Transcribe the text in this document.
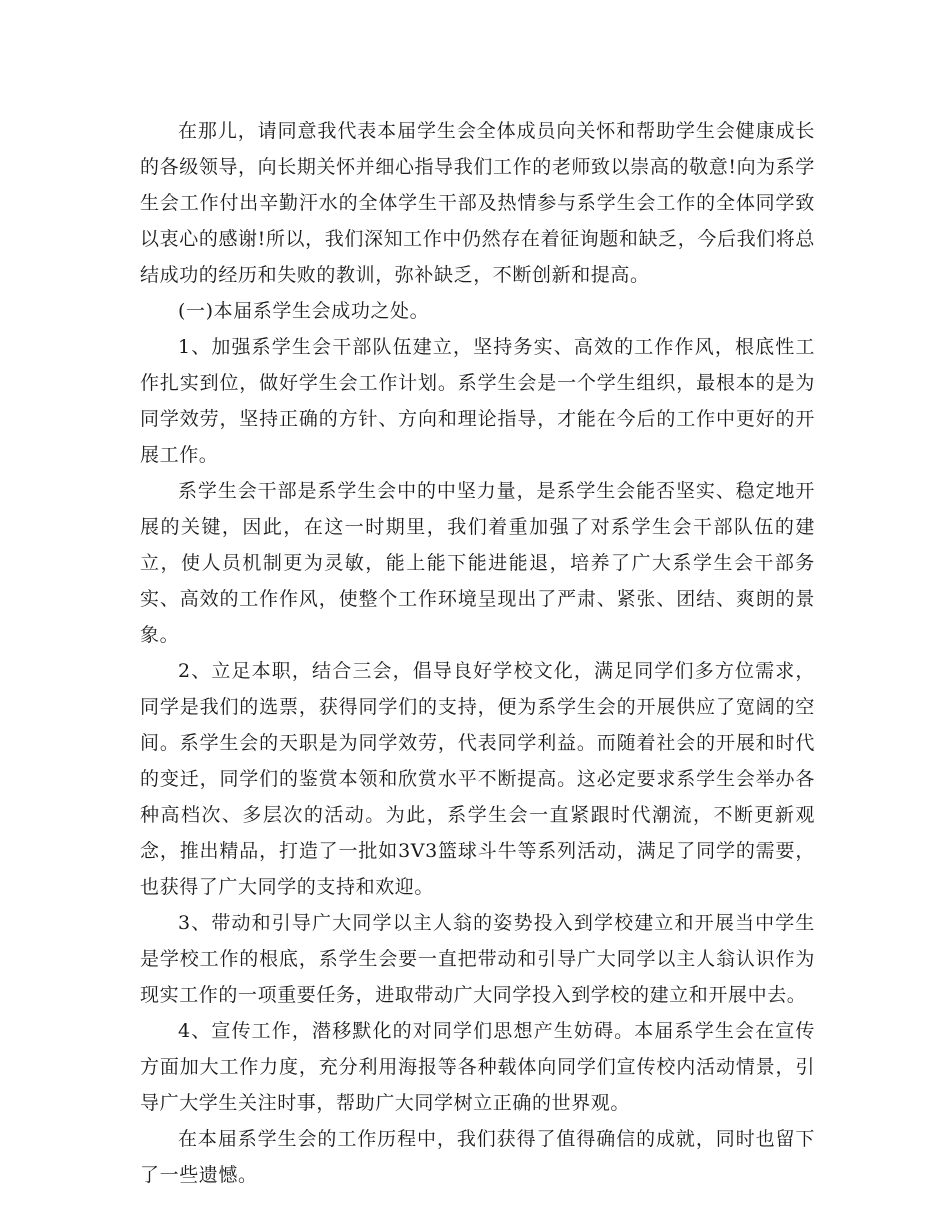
在那儿，请同意我代表本届学生会全体成员向关怀和帮助学生会健康成长的各级领导，向长期关怀并细心指导我们工作的老师致以崇高的敬意!向为系学生会工作付出辛勤汗水的全体学生干部及热情参与系学生会工作的全体同学致以衷心的感谢!所以，我们深知工作中仍然存在着征询题和缺乏，今后我们将总结成功的经历和失败的教训，弥补缺乏，不断创新和提高。

(一)本届系学生会成功之处。

1、加强系学生会干部队伍建立，坚持务实、高效的工作作风，根底性工作扎实到位，做好学生会工作计划。系学生会是一个学生组织，最根本的是为同学效劳，坚持正确的方针、方向和理论指导，才能在今后的工作中更好的开展工作。

系学生会干部是系学生会中的中坚力量，是系学生会能否坚实、稳定地开展的关键，因此，在这一时期里，我们着重加强了对系学生会干部队伍的建立，使人员机制更为灵敏，能上能下能进能退，培养了广大系学生会干部务实、高效的工作作风，使整个工作环境呈现出了严肃、紧张、团结、爽朗的景象。

2、立足本职，结合三会，倡导良好学校文化，满足同学们多方位需求，同学是我们的选票，获得同学们的支持，便为系学生会的开展供应了宽阔的空间。系学生会的天职是为同学效劳，代表同学利益。而随着社会的开展和时代的变迁，同学们的鉴赏本领和欣赏水平不断提高。这必定要求系学生会举办各种高档次、多层次的活动。为此，系学生会一直紧跟时代潮流，不断更新观念，推出精品，打造了一批如3V3篮球斗牛等系列活动，满足了同学的需要，也获得了广大同学的支持和欢迎。

3、带动和引导广大同学以主人翁的姿势投入到学校建立和开展当中学生是学校工作的根底，系学生会要一直把带动和引导广大同学以主人翁认识作为现实工作的一项重要任务，进取带动广大同学投入到学校的建立和开展中去。

4、宣传工作，潜移默化的对同学们思想产生妨碍。本届系学生会在宣传方面加大工作力度，充分利用海报等各种载体向同学们宣传校内活动情景，引导广大学生关注时事，帮助广大同学树立正确的世界观。

在本届系学生会的工作历程中，我们获得了值得确信的成就，同时也留下了一些遗憾。
